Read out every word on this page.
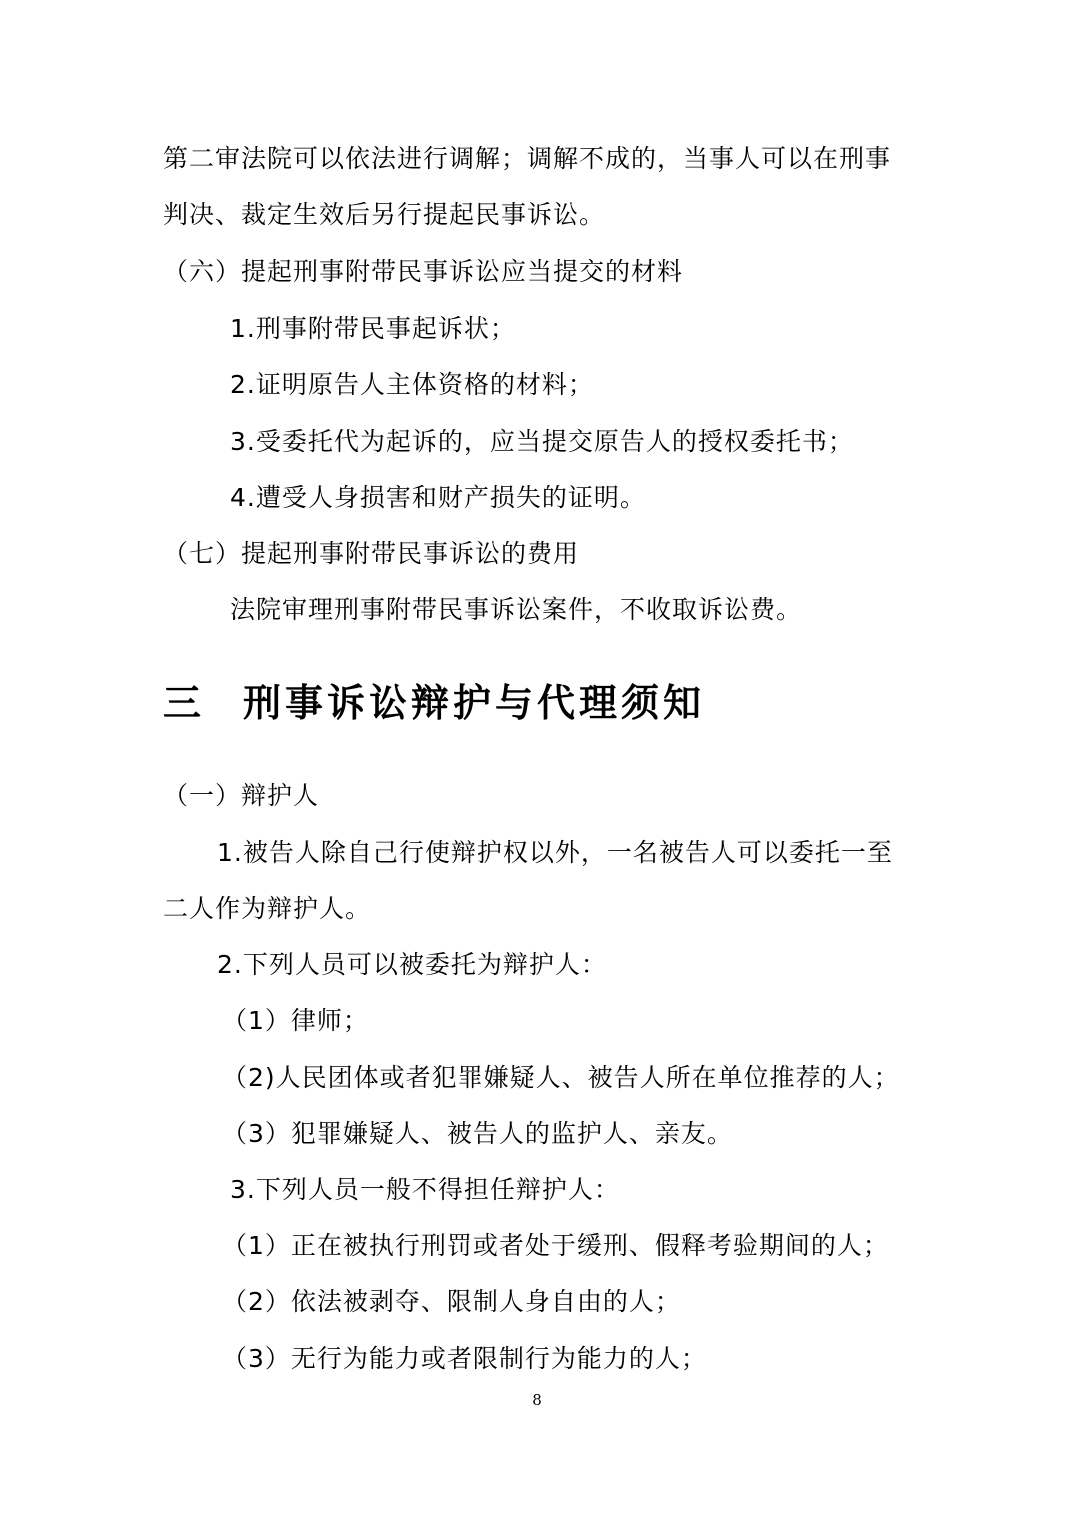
第二审法院可以依法进行调解；调解不成的，当事人可以在刑事
判决、裁定生效后另行提起民事诉讼。
（六）提起刑事附带民事诉讼应当提交的材料
1.刑事附带民事起诉状；
2.证明原告人主体资格的材料；
3.受委托代为起诉的，应当提交原告人的授权委托书；
4.遭受人身损害和财产损失的证明。
（七）提起刑事附带民事诉讼的费用
法院审理刑事附带民事诉讼案件，不收取诉讼费。
三 刑事诉讼辩护与代理须知
（一）辩护人
1.被告人除自己行使辩护权以外，一名被告人可以委托一至
二人作为辩护人。
2.下列人员可以被委托为辩护人：
（1）律师；
（2)人民团体或者犯罪嫌疑人、被告人所在单位推荐的人；
（3）犯罪嫌疑人、被告人的监护人、亲友。
3.下列人员一般不得担任辩护人：
（1）正在被执行刑罚或者处于缓刑、假释考验期间的人；
（2）依法被剥夺、限制人身自由的人；
（3）无行为能力或者限制行为能力的人；
8
